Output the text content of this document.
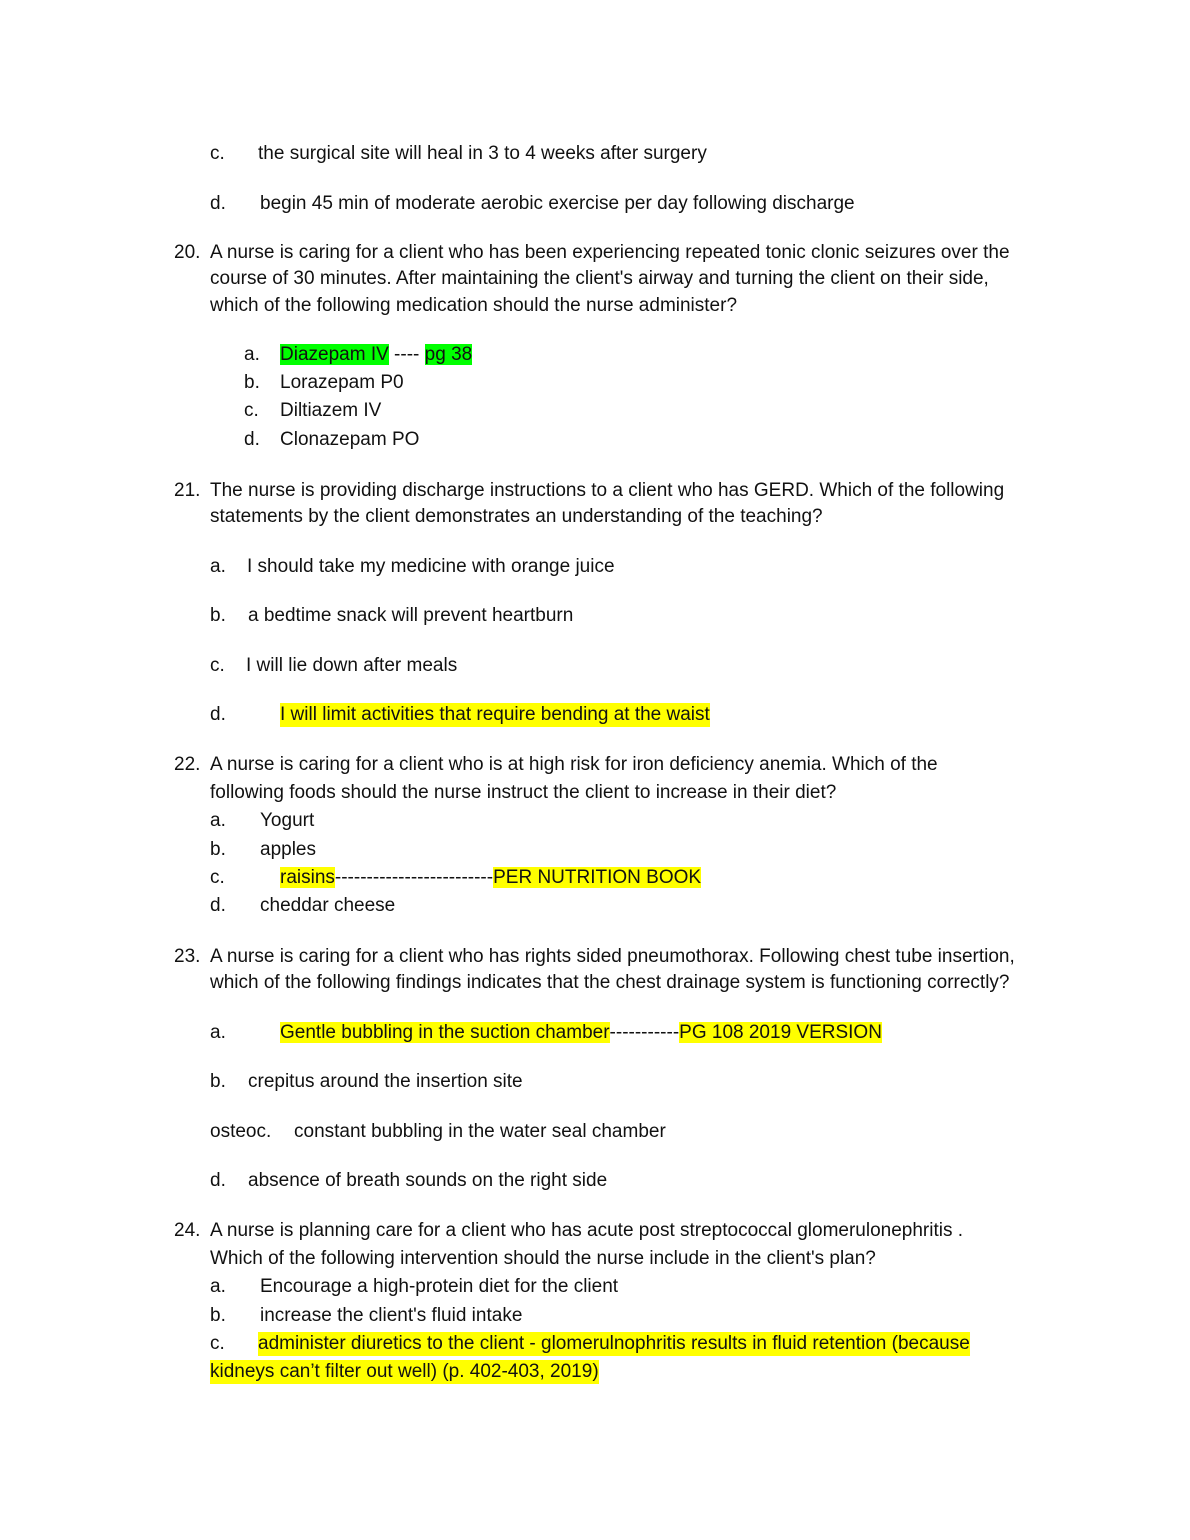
c. the surgical site will heal in 3 to 4 weeks after surgery
d. begin 45 min of moderate aerobic exercise per day following discharge
20. A nurse is caring for a client who has been experiencing repeated tonic clonic seizures over the
course of 30 minutes. After maintaining the client's airway and turning the client on their side,
which of the following medication should the nurse administer?
a. Diazepam IV ---- pg 38
b. Lorazepam P0
c. Diltiazem IV
d. Clonazepam PO
21. The nurse is providing discharge instructions to a client who has GERD. Which of the following
statements by the client demonstrates an understanding of the teaching?
a. I should take my medicine with orange juice
b. a bedtime snack will prevent heartburn
c. I will lie down after meals
d.	I will limit activities that require bending at the waist
22. A nurse is caring for a client who is at high risk for iron deficiency anemia. Which of the
following foods should the nurse instruct the client to increase in their diet?
a. Yogurt
b. apples
c.	raisins-------------------------PER NUTRITION BOOK
d. cheddar cheese
23. A nurse is caring for a client who has rights sided pneumothorax. Following chest tube insertion,
which of the following findings indicates that the chest drainage system is functioning correctly?
a.	Gentle bubbling in the suction chamber-----------PG 108 2019 VERSION
b. crepitus around the insertion site
osteoc. constant bubbling in the water seal chamber
d. absence of breath sounds on the right side
24. A nurse is planning care for a client who has acute post streptococcal glomerulonephritis .
Which of the following intervention should the nurse include in the client's plan?
a. Encourage a high-protein diet for the client
b. increase the client's fluid intake
c. administer diuretics to the client - glomerulnophritis results in fluid retention (because
kidneys can’t filter out well) (p. 402-403, 2019)
